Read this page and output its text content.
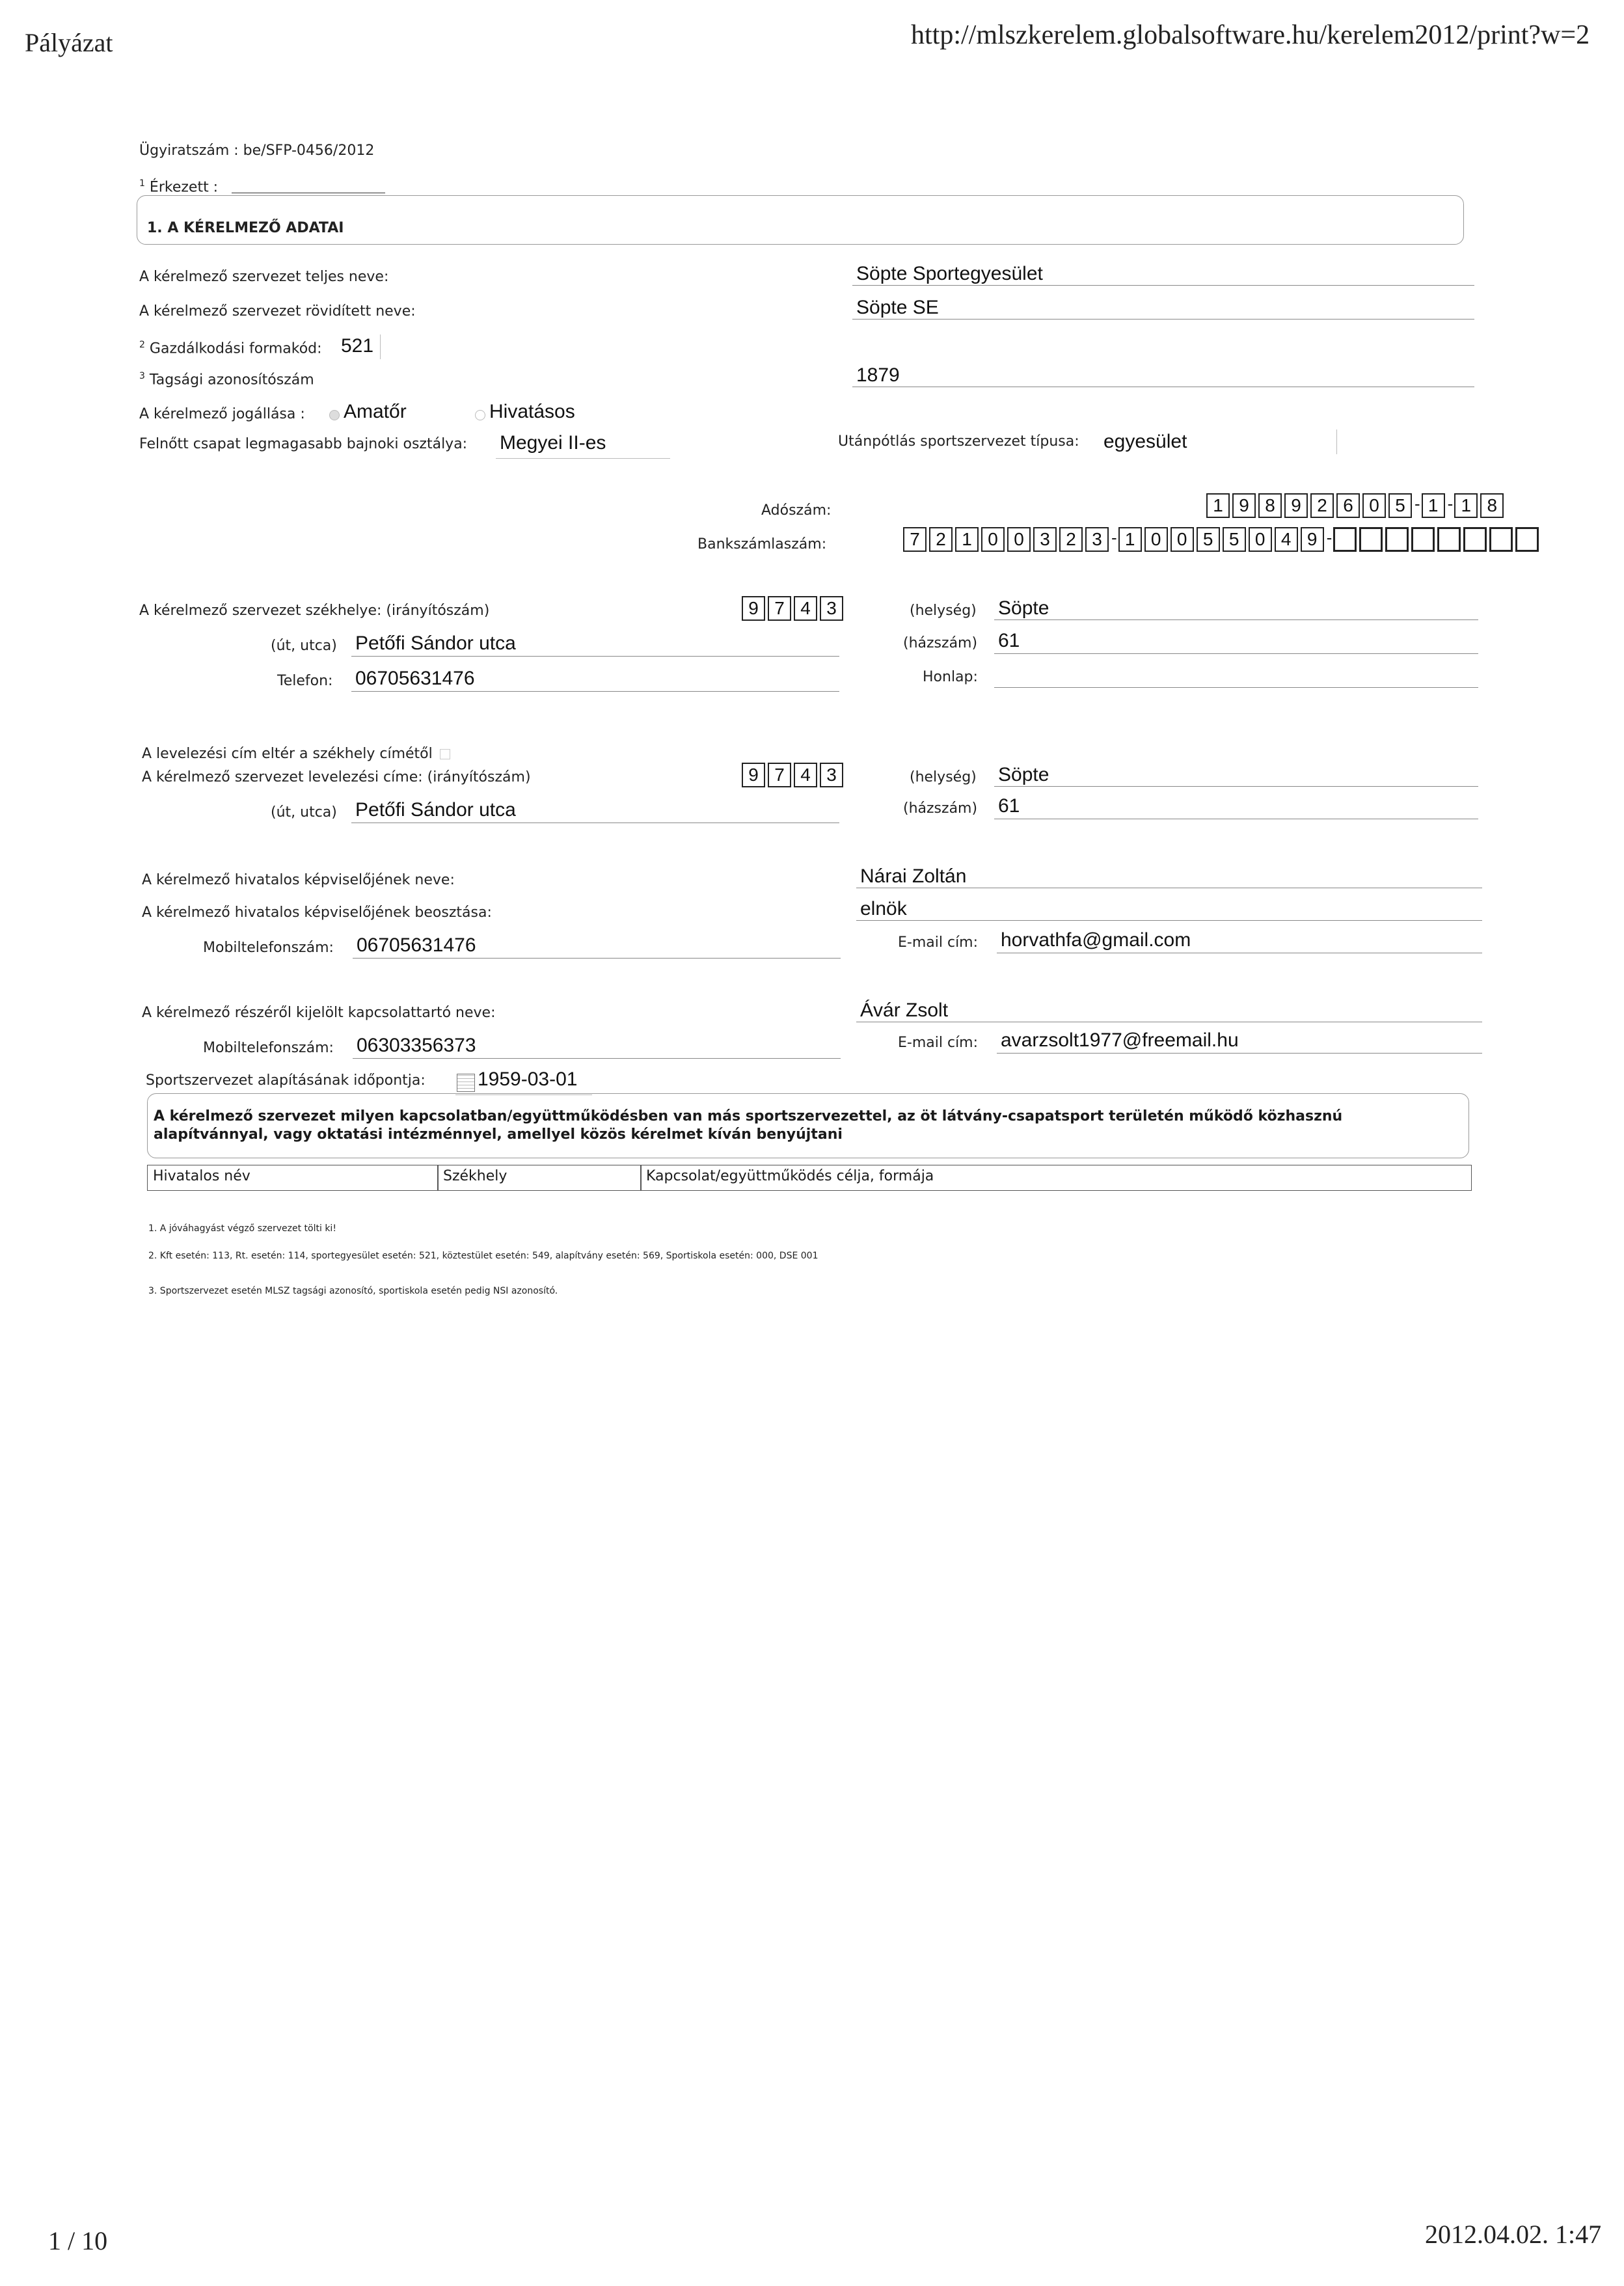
Pályázat	http://mlszkerelem.globalsoftware.hu/kerelem2012/print?w=2
Ügyiratszám : be/SFP-0456/2012
$^1$ Érkezett :
1. A KÉRELMEZŐ ADATAI
A kérelmező szervezet teljes neve:	Söpte Sportegyesület
A kérelmező szervezet rövidített neve:	Söpte SE
$^2$ Gazdálkodási formakód: 521
$^3$ Tagsági azonosítószám	1879
A kérelmező jogállása :	Amatőr	Hivatásos
Felnőtt csapat legmagasabb bajnoki osztálya: Megyei II-es	Utánpótlás sportszervezet típusa: egyesület
Adószám:	1 9 8 9 2 6 0 5 - 1 - 1 8
Bankszámlaszám:	7 2 1 0 0 3 2 3 - 1 0 0 5 5 0 4 9 -
A kérelmező szervezet székhelye: (irányítószám)	9 7 4 3	(helység) Söpte
(út, utca) Petőfi Sándor utca	(házszám) 61
Telefon: 06705631476	Honlap:
A levelezési cím eltér a székhely címétől
A kérelmező szervezet levelezési címe: (irányítószám)	9 7 4 3	(helység) Söpte
(út, utca) Petőfi Sándor utca	(házszám) 61
A kérelmező hivatalos képviselőjének neve:	Nárai Zoltán
A kérelmező hivatalos képviselőjének beosztása:	elnök
Mobiltelefonszám: 06705631476	E-mail cím: horvathfa@gmail.com
A kérelmező részéről kijelölt kapcsolattartó neve:	Ávár Zsolt
Mobiltelefonszám: 06303356373	E-mail cím: avarzsolt1977@freemail.hu
Sportszervezet alapításának időpontja:	1959-03-01
A kérelmező szervezet milyen kapcsolatban/együttműködésben van más sportszervezettel, az öt látvány-csapatsport területén működő közhasznú alapítvánnyal, vagy oktatási intézménnyel, amellyel közös kérelmet kíván benyújtani
Hivatalos név	Székhely	Kapcsolat/együttműködés célja, formája
1. A jóváhagyást végző szervezet tölti ki!
2. Kft esetén: 113, Rt. esetén: 114, sportegyesület esetén: 521, köztestület esetén: 549, alapítvány esetén: 569, Sportiskola esetén: 000, DSE 001
3. Sportszervezet esetén MLSZ tagsági azonosító, sportiskola esetén pedig NSI azonosító.
1 / 10	2012.04.02. 1:47
